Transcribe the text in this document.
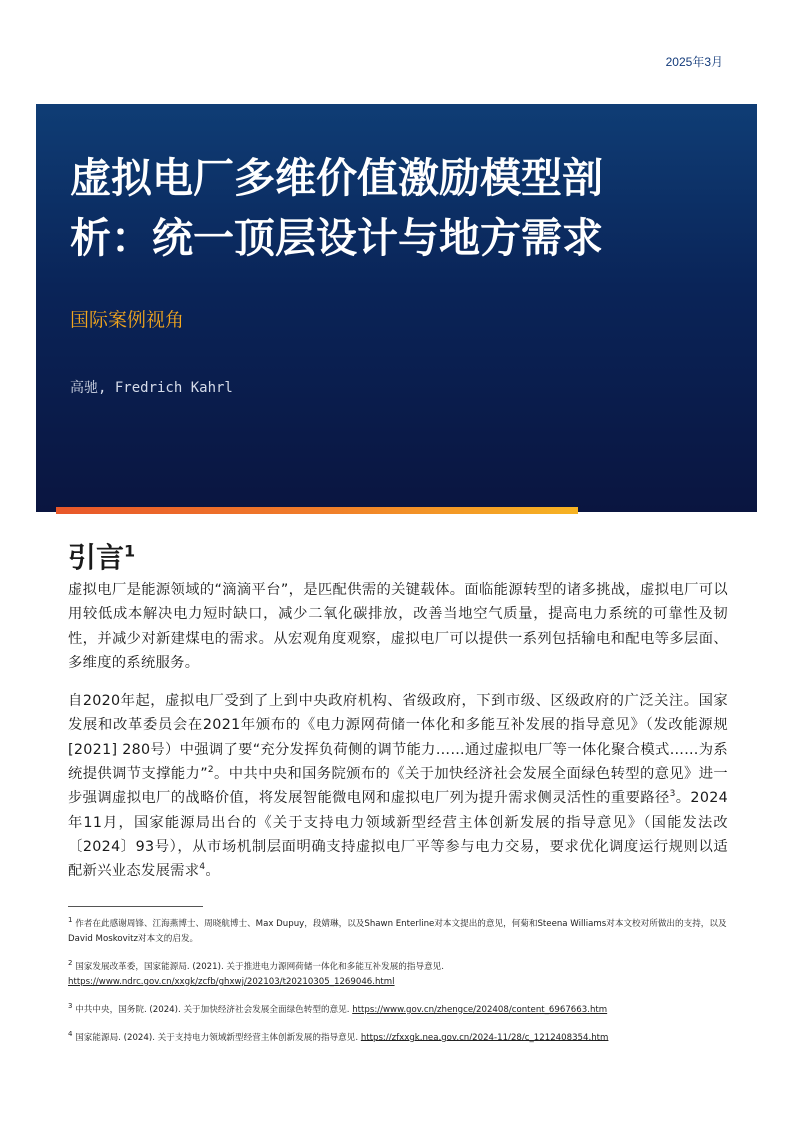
2025年3月
虚拟电厂多维价值激励模型剖
析：统一顶层设计与地方需求

国际案例视角

高驰, Fredrich Kahrl

引言$^1$

虚拟电厂是能源领域的“滴滴平台”，是匹配供需的关键载体。面临能源转型的诸多挑战，虚拟电厂可以用较低成本解决电力短时缺口，减少二氧化碳排放，改善当地空气质量，提高电力系统的可靠性及韧性，并减少对新建煤电的需求。从宏观角度观察，虚拟电厂可以提供一系列包括输电和配电等多层面、多维度的系统服务。

自2020年起，虚拟电厂受到了上到中央政府机构、省级政府，下到市级、区级政府的广泛关注。国家发展和改革委员会在2021年颁布的《电力源网荷储一体化和多能互补发展的指导意见》（发改能源规[2021] 280号）中强调了要“充分发挥负荷侧的调节能力……通过虚拟电厂等一体化聚合模式……为系统提供调节支撑能力”$^2$。中共中央和国务院颁布的《关于加快经济社会发展全面绿色转型的意见》进一步强调虚拟电厂的战略价值，将发展智能微电网和虚拟电厂列为提升需求侧灵活性的重要路径$^3$。2024年11月，国家能源局出台的《关于支持电力领域新型经营主体创新发展的指导意见》（国能发法改〔2024〕93号），从市场机制层面明确支持虚拟电厂平等参与电力交易，要求优化调度运行规则以适配新兴业态发展需求$^4$。

$^1$ 作者在此感谢周锋、江海燕博士、周晓航博士、Max Dupuy，段婧琳，以及Shawn Enterline对本文提出的意见，何菊和Steena Williams对本文校对所做出的支持，以及David Moskovitz对本文的启发。

$^2$ 国家发展改革委，国家能源局. (2021). 关于推进电力源网荷储一体化和多能互补发展的指导意见.
https://www.ndrc.gov.cn/xxgk/zcfb/ghxwj/202103/t20210305_1269046.html

$^3$ 中共中央，国务院. (2024). 关于加快经济社会发展全面绿色转型的意见. https://www.gov.cn/zhengce/202408/content_6967663.htm

$^4$ 国家能源局. (2024). 关于支持电力领域新型经营主体创新发展的指导意见. https://zfxxgk.nea.gov.cn/2024-11/28/c_1212408354.htm
